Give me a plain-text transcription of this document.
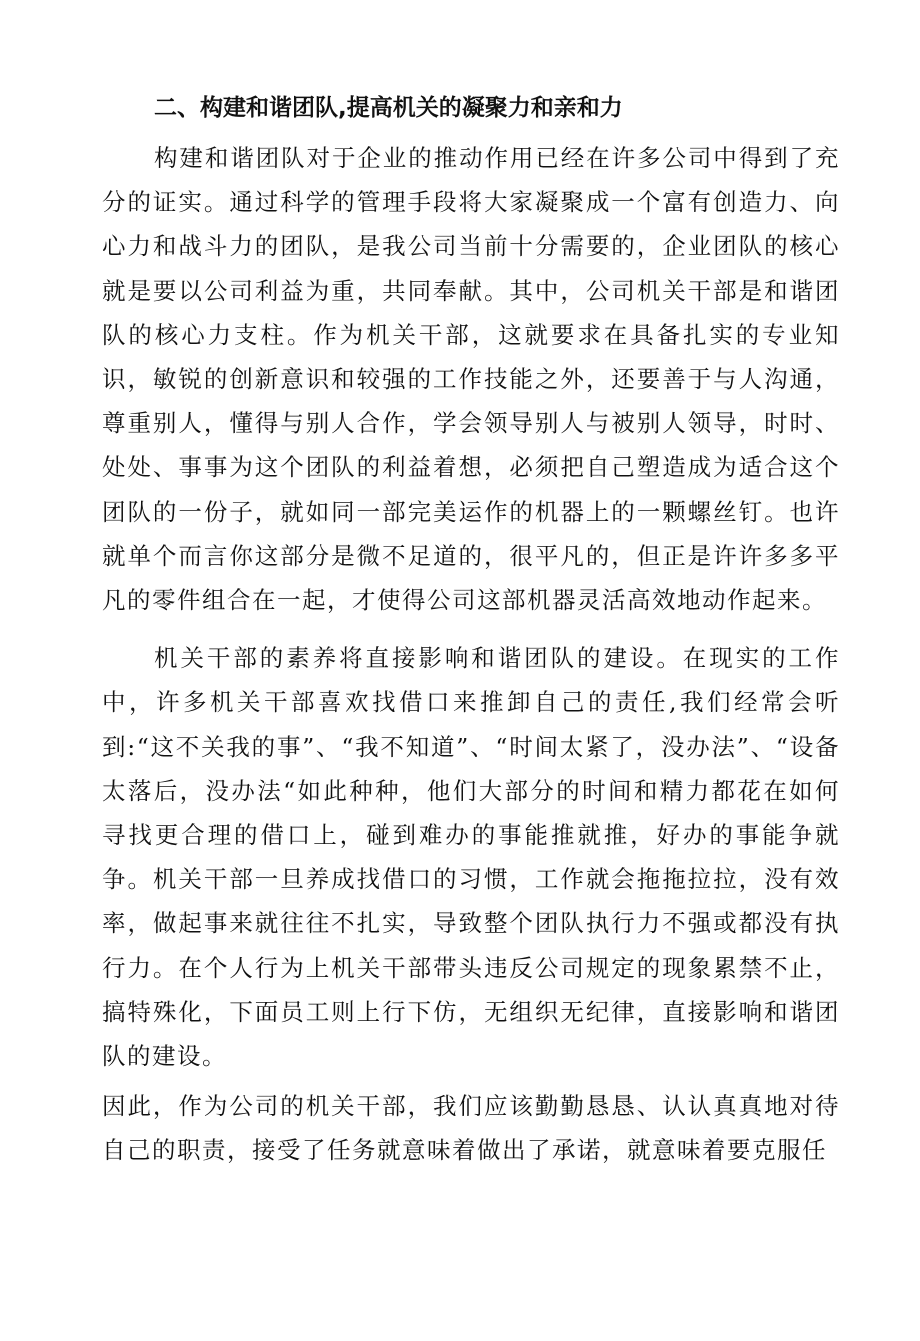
二、构建和谐团队,提高机关的凝聚力和亲和力

构建和谐团队对于企业的推动作用已经在许多公司中得到了充分的证实。通过科学的管理手段将大家凝聚成一个富有创造力、向心力和战斗力的团队，是我公司当前十分需要的，企业团队的核心就是要以公司利益为重，共同奉献。其中，公司机关干部是和谐团队的核心力支柱。作为机关干部，这就要求在具备扎实的专业知识，敏锐的创新意识和较强的工作技能之外，还要善于与人沟通，尊重别人，懂得与别人合作，学会领导别人与被别人领导，时时、处处、事事为这个团队的利益着想，必须把自己塑造成为适合这个团队的一份子，就如同一部完美运作的机器上的一颗螺丝钉。也许就单个而言你这部分是微不足道的，很平凡的，但正是许许多多平凡的零件组合在一起，才使得公司这部机器灵活高效地动作起来。

机关干部的素养将直接影响和谐团队的建设。在现实的工作中，许多机关干部喜欢找借口来推卸自己的责任,我们经常会听到:“这不关我的事”、“我不知道”、“时间太紧了，没办法”、“设备太落后，没办法“如此种种，他们大部分的时间和精力都花在如何寻找更合理的借口上，碰到难办的事能推就推，好办的事能争就争。机关干部一旦养成找借口的习惯，工作就会拖拖拉拉，没有效率，做起事来就往往不扎实，导致整个团队执行力不强或都没有执行力。在个人行为上机关干部带头违反公司规定的现象累禁不止，搞特殊化，下面员工则上行下仿，无组织无纪律，直接影响和谐团队的建设。

因此，作为公司的机关干部，我们应该勤勤恳恳、认认真真地对待自己的职责，接受了任务就意味着做出了承诺，就意味着要克服任
